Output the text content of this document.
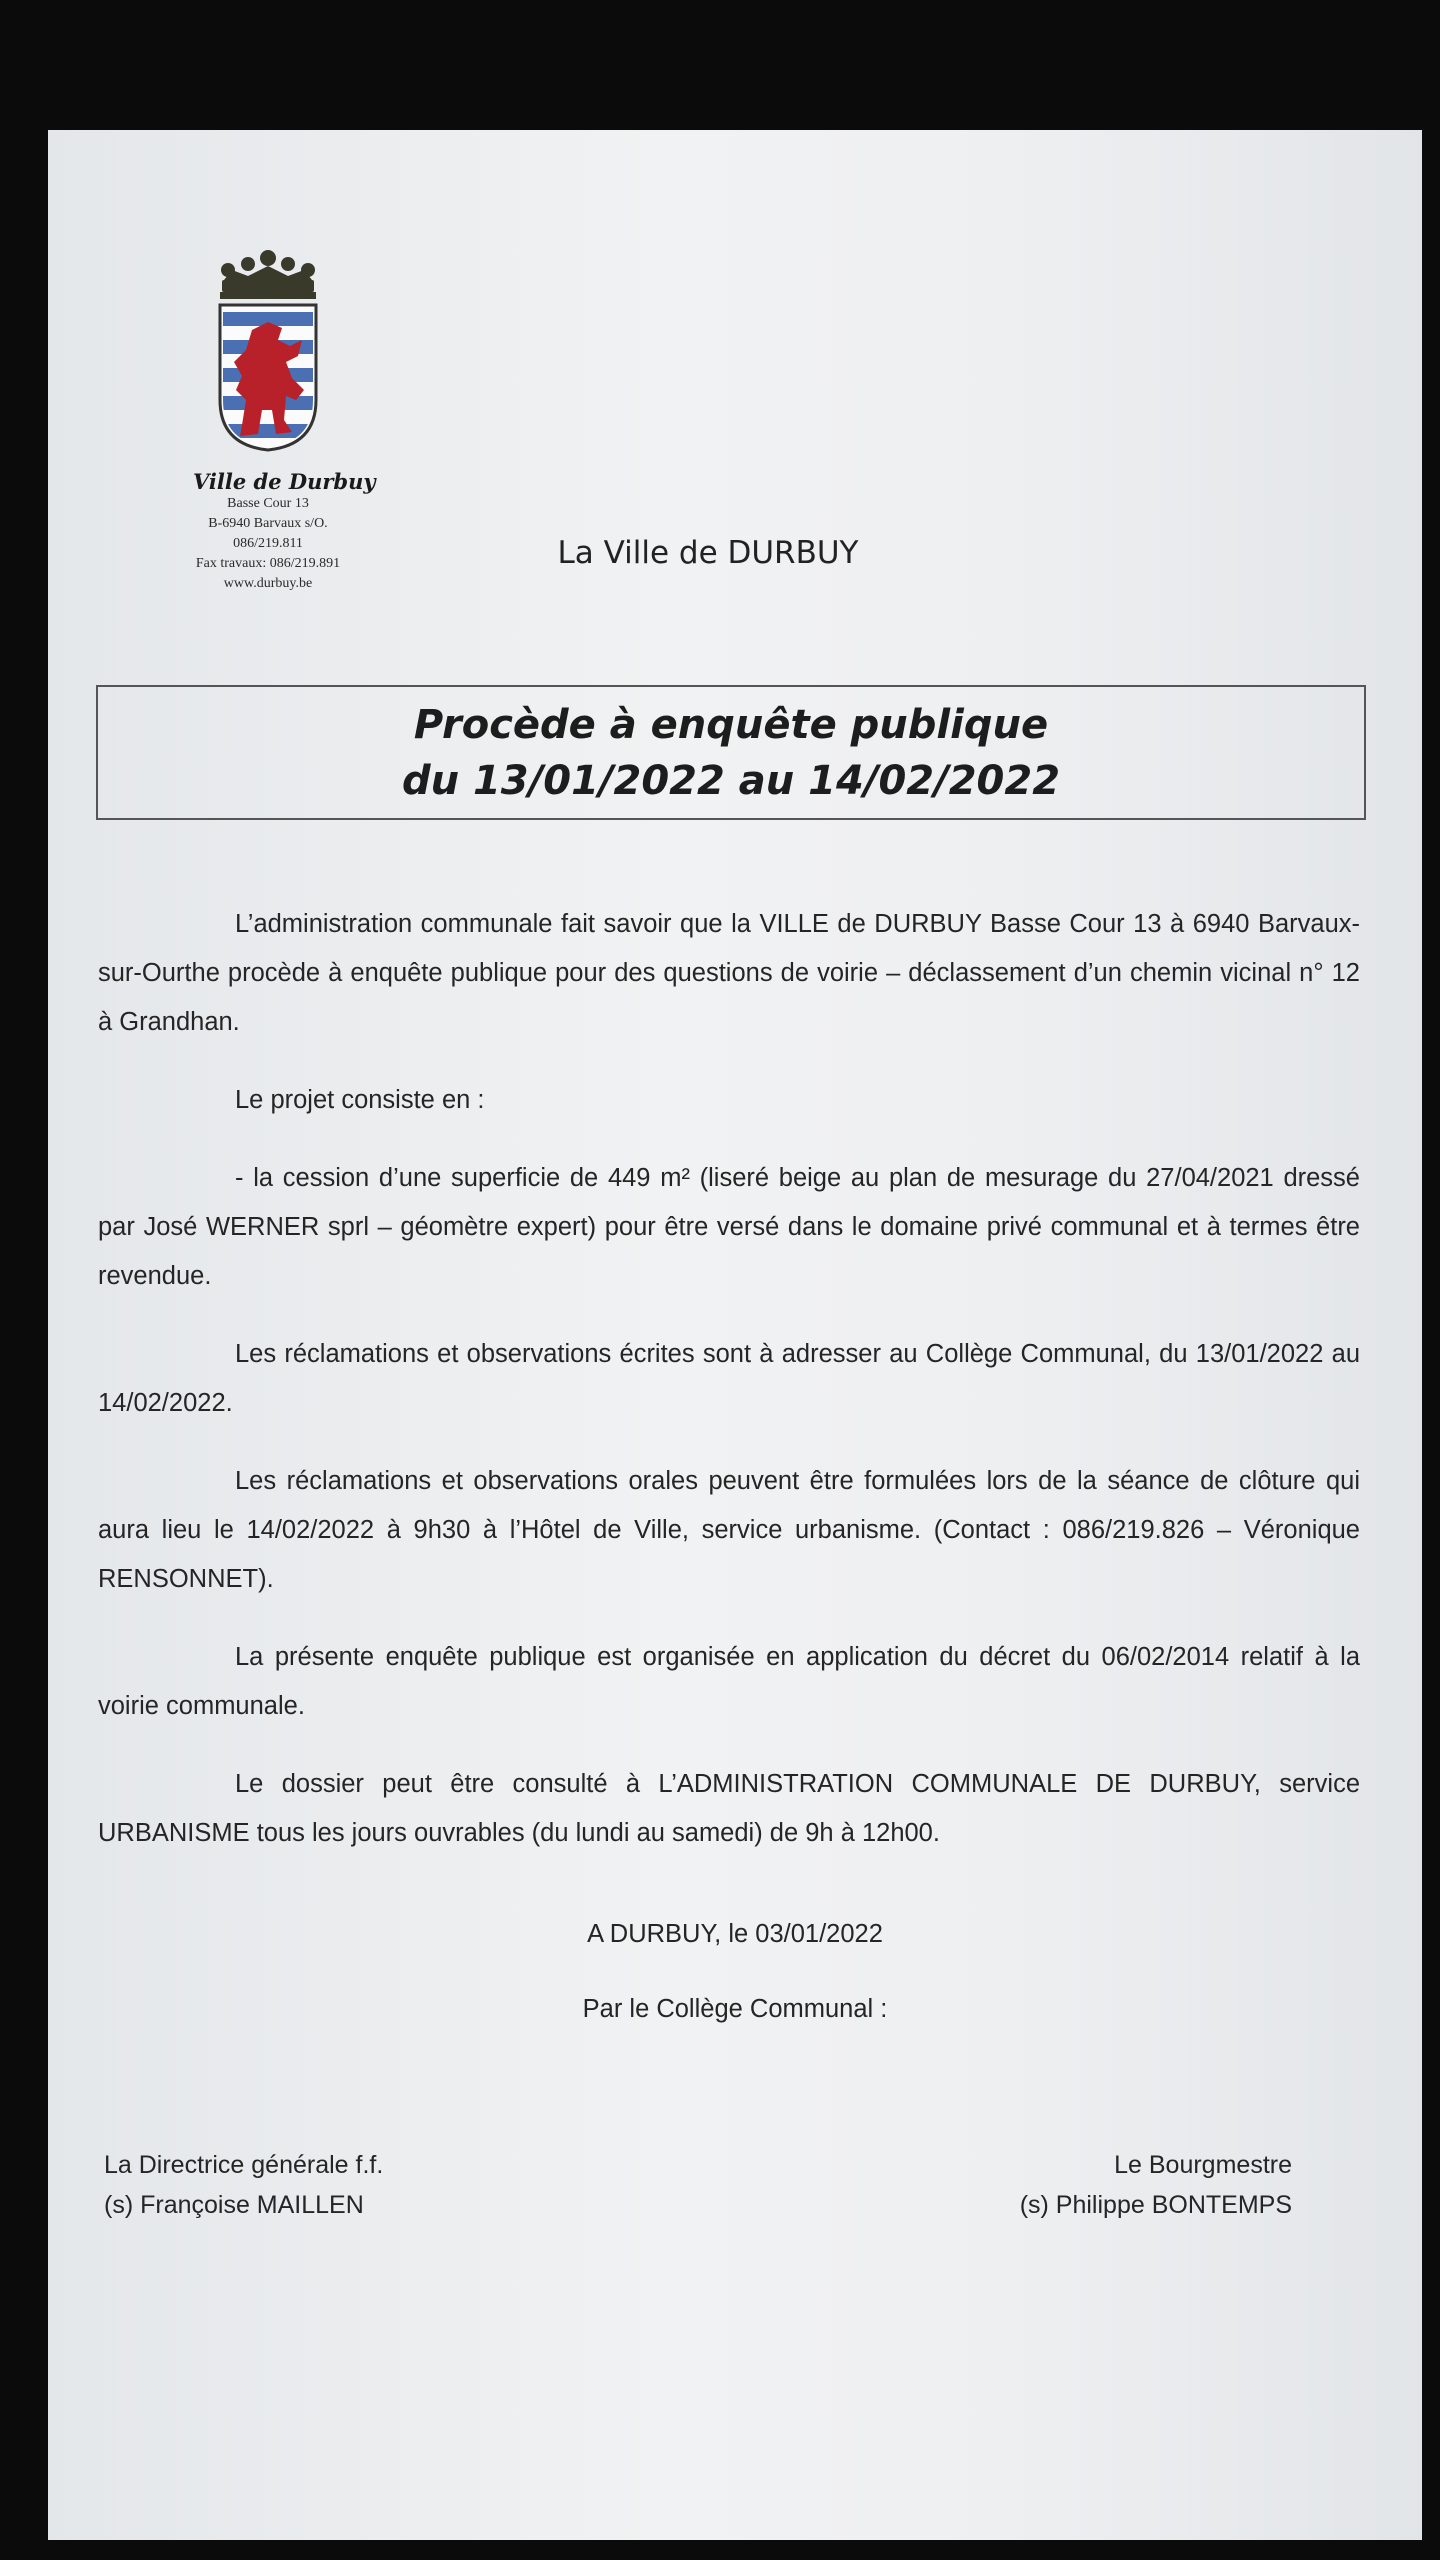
Ville de Durbuy
Basse Cour 13
B-6940 Barvaux s/O.
086/219.811
Fax travaux: 086/219.891
www.durbuy.be
La Ville de DURBUY
Procède à enquête publique
du 13/01/2022 au 14/02/2022

L’administration communale fait savoir que la VILLE de DURBUY Basse Cour 13 à 6940 Barvaux-sur-Ourthe procède à enquête publique pour des questions de voirie – déclassement d’un chemin vicinal n° 12 à Grandhan.

Le projet consiste en :

- la cession d’une superficie de 449 m² (liseré beige au plan de mesurage du 27/04/2021 dressé par José WERNER sprl – géomètre expert) pour être versé dans le domaine privé communal et à termes être revendue.

Les réclamations et observations écrites sont à adresser au Collège Communal, du 13/01/2022 au 14/02/2022.

Les réclamations et observations orales peuvent être formulées lors de la séance de clôture qui aura lieu le 14/02/2022 à 9h30 à l’Hôtel de Ville, service urbanisme. (Contact : 086/219.826 – Véronique RENSONNET).

La présente enquête publique est organisée en application du décret du 06/02/2014 relatif à la voirie communale.

Le dossier peut être consulté à L’ADMINISTRATION COMMUNALE DE DURBUY, service URBANISME tous les jours ouvrables (du lundi au samedi) de 9h à 12h00.

A DURBUY, le 03/01/2022
Par le Collège Communal :
La Directrice générale f.f.
(s) Françoise MAILLEN
Le Bourgmestre
(s) Philippe BONTEMPS
